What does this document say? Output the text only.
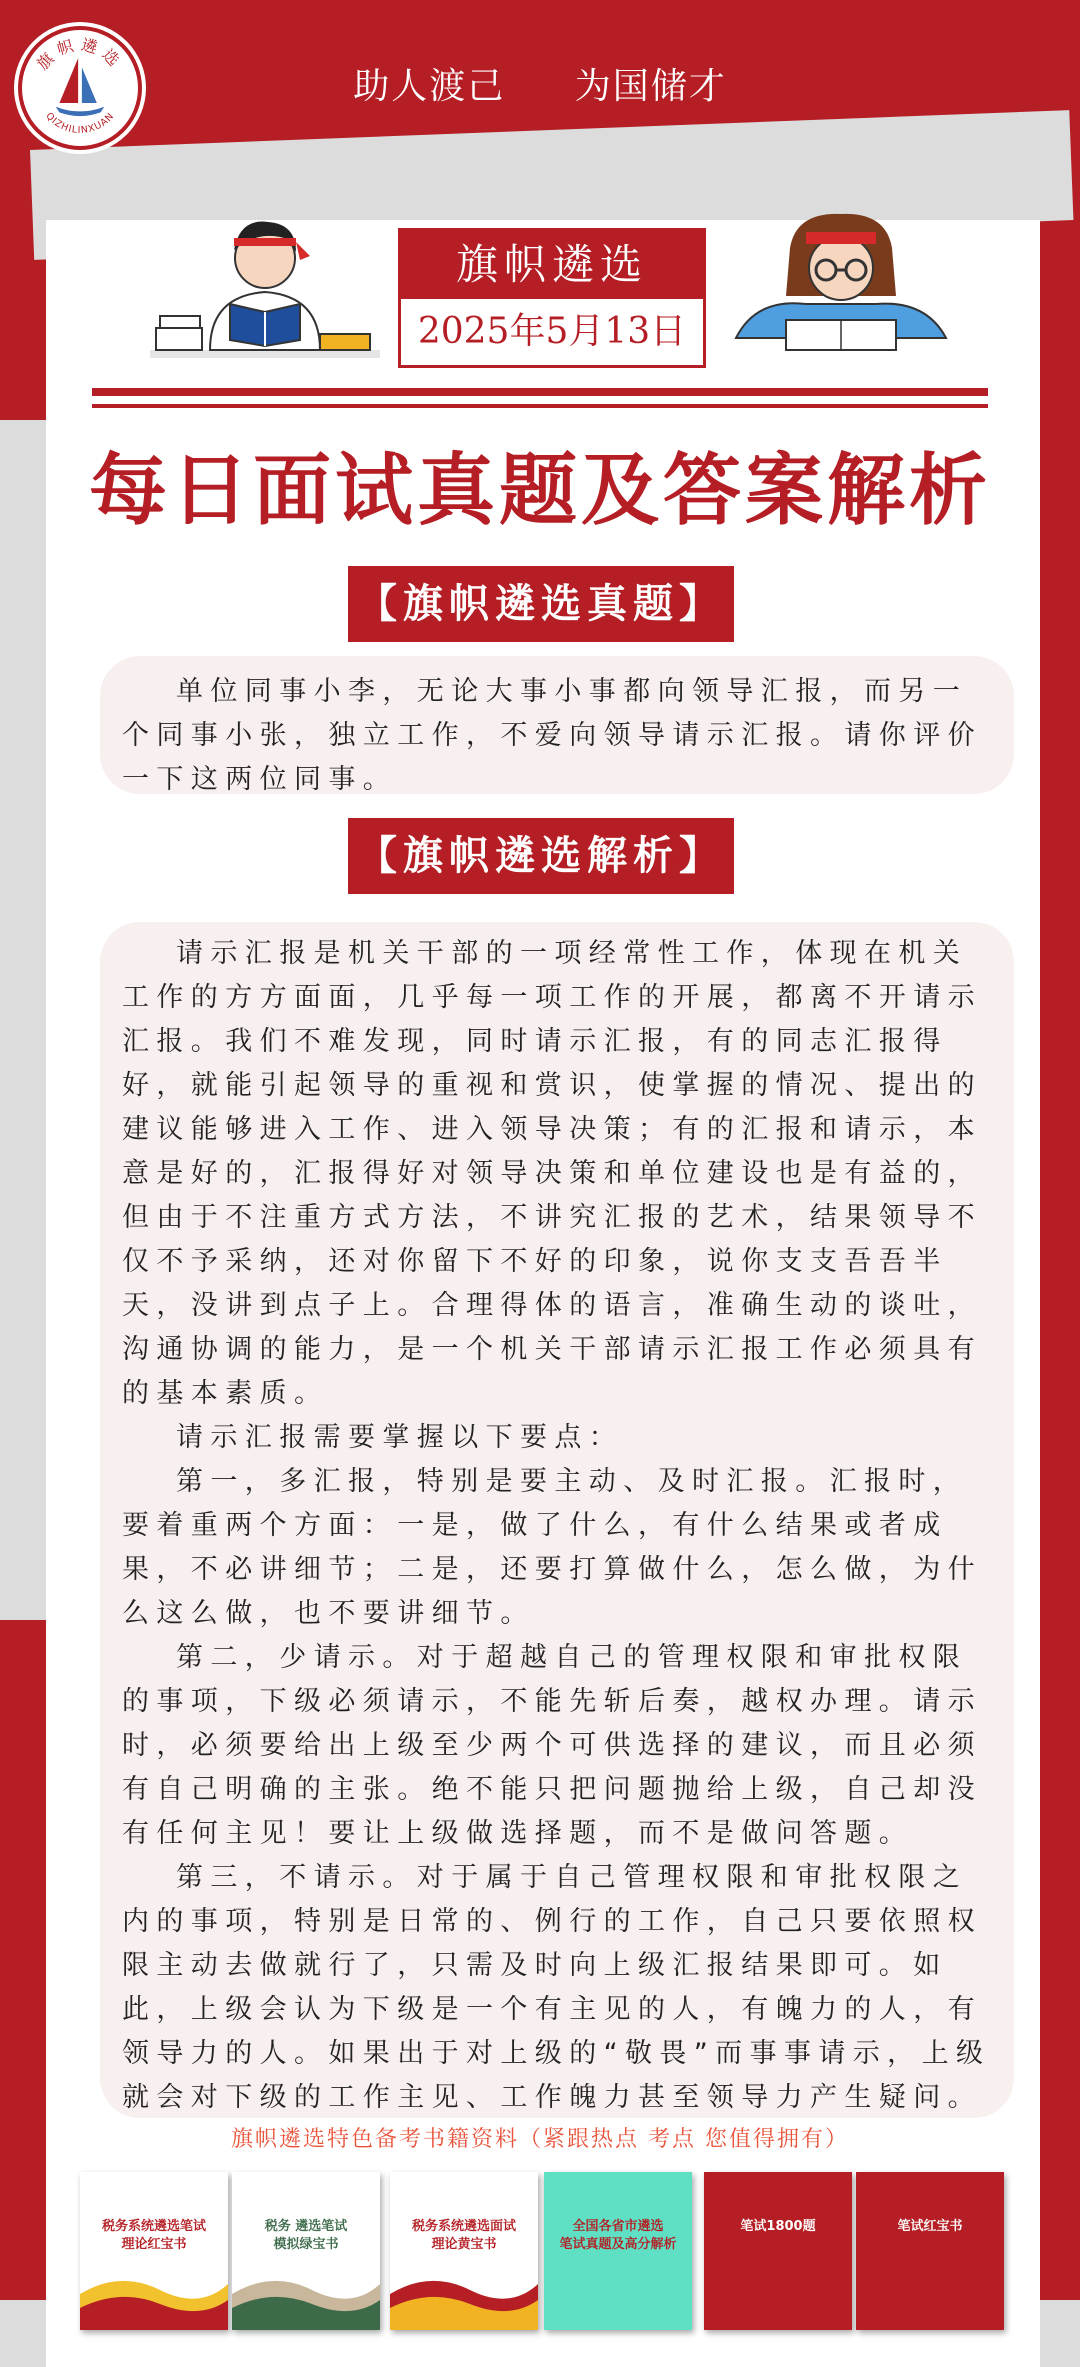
旗帜遴选
QIZHILINXUAN
助人渡己 为国储才
旗帜遴选
2025年5月13日
每日面试真题及答案解析
【旗帜遴选真题】

单位同事小李，无论大事小事都向领导汇报，而另一个同事小张，独立工作，不爱向领导请示汇报。请你评价一下这两位同事。

【旗帜遴选解析】

请示汇报是机关干部的一项经常性工作，体现在机关工作的方方面面，几乎每一项工作的开展，都离不开请示汇报。我们不难发现，同时请示汇报，有的同志汇报得好，就能引起领导的重视和赏识，使掌握的情况、提出的建议能够进入工作、进入领导决策；有的汇报和请示，本意是好的，汇报得好对领导决策和单位建设也是有益的，但由于不注重方式方法，不讲究汇报的艺术，结果领导不仅不予采纳，还对你留下不好的印象，说你支支吾吾半天，没讲到点子上。合理得体的语言，准确生动的谈吐，沟通协调的能力，是一个机关干部请示汇报工作必须具有的基本素质。

请示汇报需要掌握以下要点：

第一，多汇报，特别是要主动、及时汇报。汇报时，要着重两个方面：一是，做了什么，有什么结果或者成果，不必讲细节；二是，还要打算做什么，怎么做，为什么这么做，也不要讲细节。

第二，少请示。对于超越自己的管理权限和审批权限的事项，下级必须请示，不能先斩后奏，越权办理。请示时，必须要给出上级至少两个可供选择的建议，而且必须有自己明确的主张。绝不能只把问题抛给上级，自己却没有任何主见！要让上级做选择题，而不是做问答题。

第三，不请示。对于属于自己管理权限和审批权限之内的事项，特别是日常的、例行的工作，自己只要依照权限主动去做就行了，只需及时向上级汇报结果即可。如此，上级会认为下级是一个有主见的人，有魄力的人，有领导力的人。如果出于对上级的“敬畏”而事事请示，上级就会对下级的工作主见、工作魄力甚至领导力产生疑问。

旗帜遴选特色备考书籍资料（紧跟热点 考点 您值得拥有）
税务系统遴选笔试
理论红宝书
税务 遴选笔试
模拟绿宝书
税务系统遴选面试
理论黄宝书
全国各省市遴选
笔试真题及高分解析
笔试1800题	笔试红宝书
